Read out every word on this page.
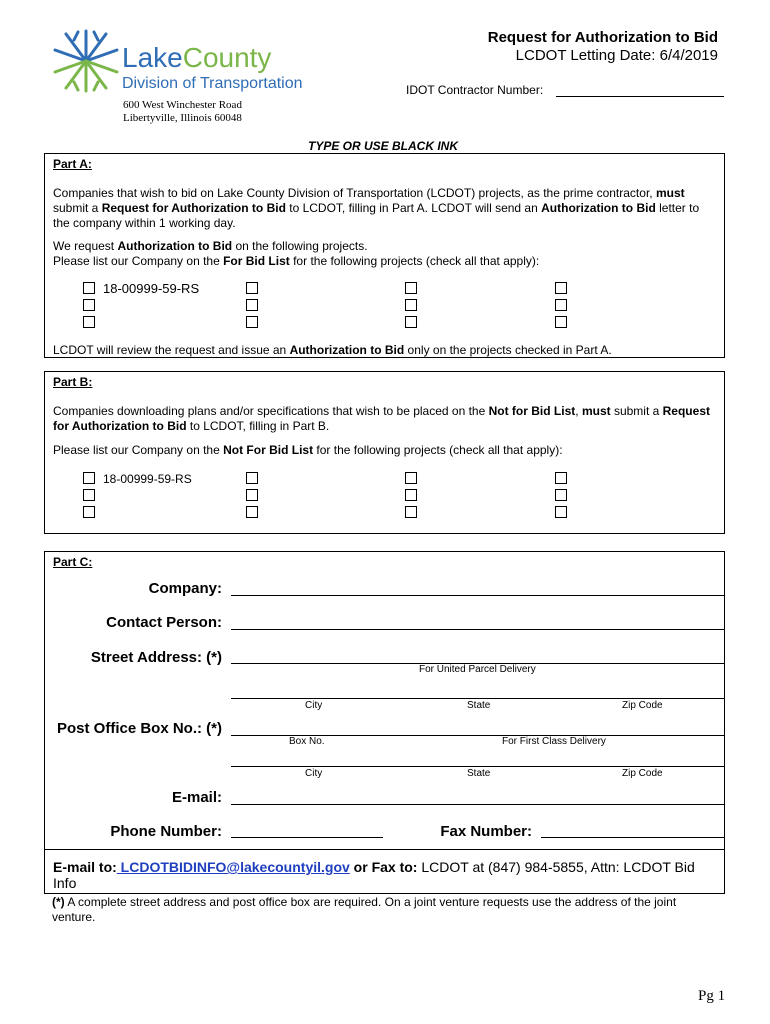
LakeCounty
Division of Transportation
600 West Winchester Road
Libertyville, Illinois 60048
Request for Authorization to Bid
LCDOT Letting Date: 6/4/2019
IDOT Contractor Number:
TYPE OR USE BLACK INK
Part A:
Companies that wish to bid on Lake County Division of Transportation (LCDOT) projects, as the prime contractor, must submit a Request for Authorization to Bid to LCDOT, filling in Part A. LCDOT will send an Authorization to Bid letter to the company within 1 working day.
We request Authorization to Bid on the following projects.
Please list our Company on the For Bid List for the following projects (check all that apply):
18-00999-59-RS
LCDOT will review the request and issue an Authorization to Bid only on the projects checked in Part A.
Part B:
Companies downloading plans and/or specifications that wish to be placed on the Not for Bid List, must submit a Request for Authorization to Bid to LCDOT, filling in Part B.
Please list our Company on the Not For Bid List for the following projects (check all that apply):
18-00999-59-RS
Part C:
Company:
Contact Person:
Street Address: (*)
For United Parcel Delivery
City	State	Zip Code
Post Office Box No.: (*)
Box No.	For First Class Delivery
City	State	Zip Code
E-mail:
Phone Number:	Fax Number:
E-mail to: LCDOTBIDINFO@lakecountyil.gov or Fax to: LCDOT at (847) 984-5855, Attn: LCDOT Bid Info
(*) A complete street address and post office box are required. On a joint venture requests use the address of the joint venture.
Pg 1
